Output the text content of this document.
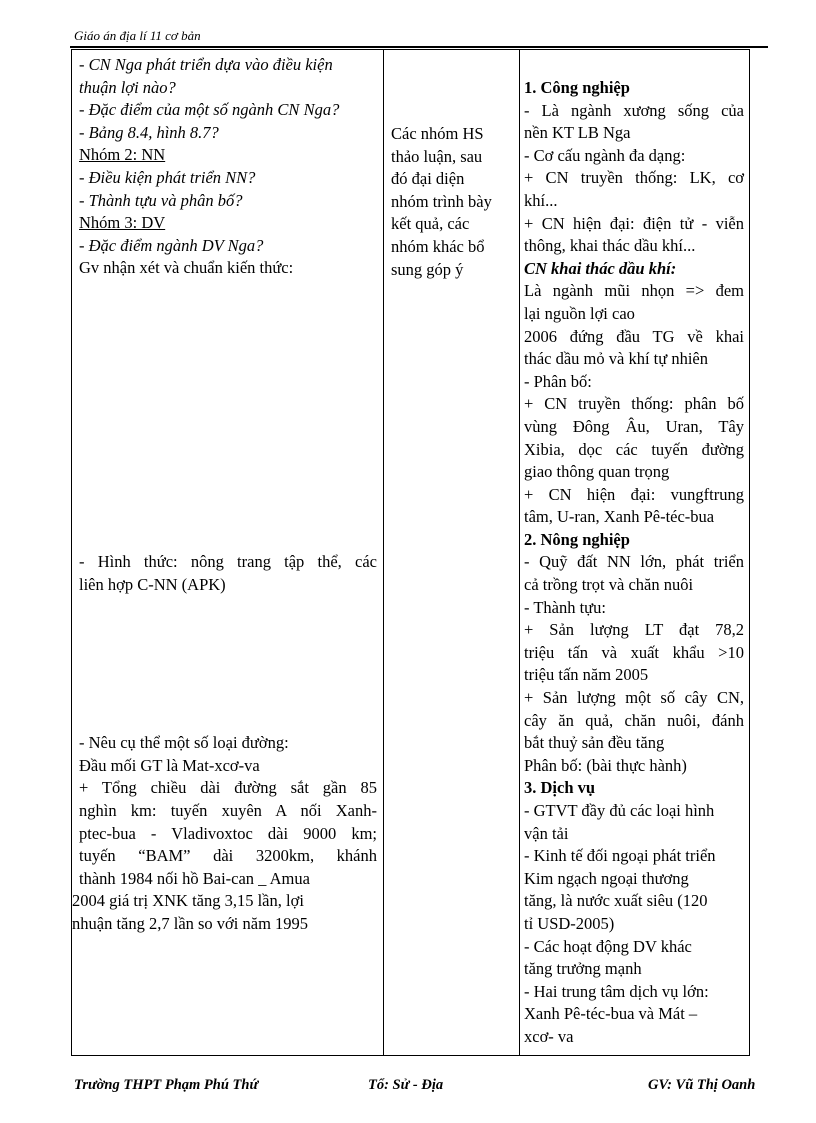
Giáo án địa lí 11 cơ bản
- CN Nga phát triển dựa vào điều kiện
thuận lợi nào?
- Đặc điểm của một số ngành CN Nga?
- Bảng 8.4, hình 8.7?
Nhóm 2: NN
- Điều kiện phát triển NN?
- Thành tựu và phân bố?
Nhóm 3: DV
- Đặc điểm ngành DV Nga?
Gv nhận xét và chuẩn kiến thức:
- Hình thức: nông trang tập thể, các
liên hợp C-NN (APK)
- Nêu cụ thể một số loại đường:
Đầu mối GT là Mat-xcơ-va
+ Tổng chiều dài đường sắt gần 85
nghìn km: tuyến xuyên A nối Xanh-
ptec-bua - Vladivoxtoc dài 9000 km;
tuyến “BAM” dài 3200km, khánh
thành 1984 nối hồ Bai-can _ Amua
2004 giá trị XNK tăng 3,15 lần, lợi
nhuận tăng 2,7 lần so với năm 1995
Các nhóm HS
thảo luận, sau
đó đại diện
nhóm trình bày
kết quả, các
nhóm khác bổ
sung góp ý
1. Công nghiệp
- Là ngành xương sống của
nền KT LB Nga
- Cơ cấu ngành đa dạng:
+ CN truyền thống: LK, cơ
khí...
+ CN hiện đại: điện tử - viễn
thông, khai thác dầu khí...
CN khai thác dầu khí:
Là ngành mũi nhọn => đem
lại nguồn lợi cao
2006 đứng đầu TG về khai
thác dầu mỏ và khí tự nhiên
- Phân bố:
+ CN truyền thống: phân bố
vùng Đông Âu, Uran, Tây
Xibia, dọc các tuyến đường
giao thông quan trọng
+ CN hiện đại: vungftrung
tâm, U-ran, Xanh Pê-téc-bua
2. Nông nghiệp
- Quỹ đất NN lớn, phát triển
cả trồng trọt và chăn nuôi
- Thành tựu:
+ Sản lượng LT đạt 78,2
triệu tấn và xuất khẩu >10
triệu tấn năm 2005
+ Sản lượng một số cây CN,
cây ăn quả, chăn nuôi, đánh
bắt thuỷ sản đều tăng
Phân bố: (bài thực hành)
3. Dịch vụ
- GTVT đầy đủ các loại hình
vận tải
- Kinh tế đối ngoại phát triển
Kim ngạch ngoại thương
tăng, là nước xuất siêu (120
tỉ USD-2005)
- Các hoạt động DV khác
tăng trưởng mạnh
- Hai trung tâm dịch vụ lớn:
Xanh Pê-téc-bua và Mát –
xcơ- va
Trường THPT Phạm Phú Thứ	Tổ: Sử - Địa	GV: Vũ Thị Oanh
